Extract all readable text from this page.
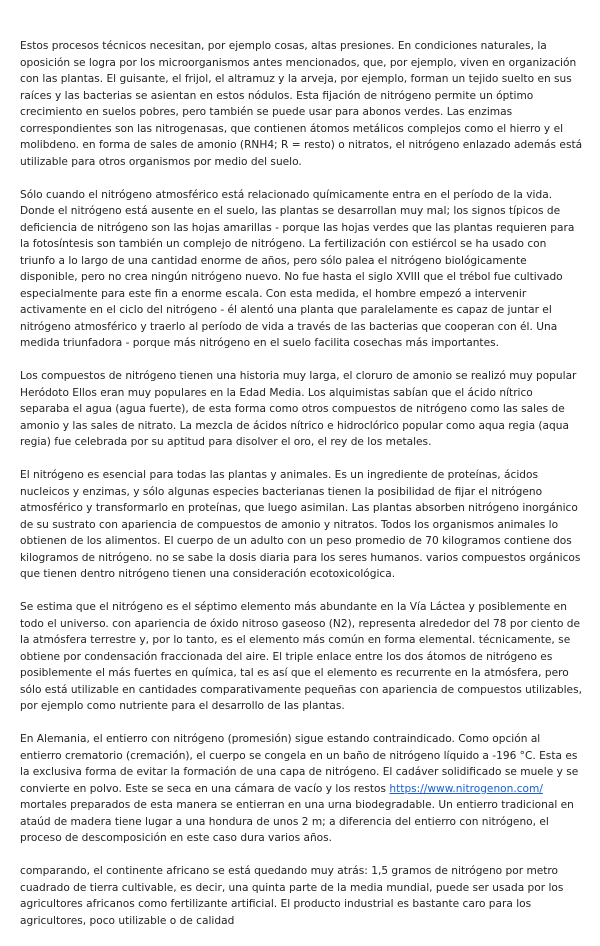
Estos procesos técnicos necesitan, por ejemplo cosas, altas presiones. En condiciones naturales, la oposición se logra por los microorganismos antes mencionados, que, por ejemplo, viven en organización con las plantas. El guisante, el frijol, el altramuz y la arveja, por ejemplo, forman un tejido suelto en sus raíces y las bacterias se asientan en estos nódulos. Esta fijación de nitrógeno permite un óptimo crecimiento en suelos pobres, pero también se puede usar para abonos verdes. Las enzimas correspondientes son las nitrogenasas, que contienen átomos metálicos complejos como el hierro y el molibdeno. en forma de sales de amonio (RNH4; R = resto) o nitratos, el nitrógeno enlazado además está utilizable para otros organismos por medio del suelo.

Sólo cuando el nitrógeno atmosférico está relacionado químicamente entra en el período de la vida. Donde el nitrógeno está ausente en el suelo, las plantas se desarrollan muy mal; los signos típicos de deficiencia de nitrógeno son las hojas amarillas - porque las hojas verdes que las plantas requieren para la fotosíntesis son también un complejo de nitrógeno. La fertilización con estiércol se ha usado con triunfo a lo largo de una cantidad enorme de años, pero sólo palea el nitrógeno biológicamente disponible, pero no crea ningún nitrógeno nuevo. No fue hasta el siglo XVIII que el trébol fue cultivado especialmente para este fin a enorme escala. Con esta medida, el hombre empezó a intervenir activamente en el ciclo del nitrógeno - él alentó una planta que paralelamente es capaz de juntar el nitrógeno atmosférico y traerlo al período de vida a través de las bacterias que cooperan con él. Una medida triunfadora - porque más nitrógeno en el suelo facilita cosechas más importantes.

Los compuestos de nitrógeno tienen una historia muy larga, el cloruro de amonio se realizó muy popular Heródoto Ellos eran muy populares en la Edad Media. Los alquimistas sabían que el ácido nítrico separaba el agua (agua fuerte), de esta forma como otros compuestos de nitrógeno como las sales de amonio y las sales de nitrato. La mezcla de ácidos nítrico e hidroclórico popular como aqua regia (aqua regia) fue celebrada por su aptitud para disolver el oro, el rey de los metales.

El nitrógeno es esencial para todas las plantas y animales. Es un ingrediente de proteínas, ácidos nucleicos y enzimas, y sólo algunas especies bacterianas tienen la posibilidad de fijar el nitrógeno atmosférico y transformarlo en proteínas, que luego asimilan. Las plantas absorben nitrógeno inorgánico de su sustrato con apariencia de compuestos de amonio y nitratos. Todos los organismos animales lo obtienen de los alimentos. El cuerpo de un adulto con un peso promedio de 70 kilogramos contiene dos kilogramos de nitrógeno. no se sabe la dosis diaria para los seres humanos. varios compuestos orgánicos que tienen dentro nitrógeno tienen una consideración ecotoxicológica.

Se estima que el nitrógeno es el séptimo elemento más abundante en la Vía Láctea y posiblemente en todo el universo. con apariencia de óxido nitroso gaseoso (N2), representa alrededor del 78 por ciento de la atmósfera terrestre y, por lo tanto, es el elemento más común en forma elemental. técnicamente, se obtiene por condensación fraccionada del aire. El triple enlace entre los dos átomos de nitrógeno es posiblemente el más fuertes en química, tal es así que el elemento es recurrente en la atmósfera, pero sólo está utilizable en cantidades comparativamente pequeñas con apariencia de compuestos utilizables, por ejemplo como nutriente para el desarrollo de las plantas.

En Alemania, el entierro con nitrógeno (promesión) sigue estando contraindicado. Como opción al entierro crematorio (cremación), el cuerpo se congela en un baño de nitrógeno líquido a -196 °C. Esta es la exclusiva forma de evitar la formación de una capa de nitrógeno. El cadáver solidificado se muele y se convierte en polvo. Este se seca en una cámara de vacío y los restos https://www.nitrogenon.com/ mortales preparados de esta manera se entierran en una urna biodegradable. Un entierro tradicional en ataúd de madera tiene lugar a una hondura de unos 2 m; a diferencia del entierro con nitrógeno, el proceso de descomposición en este caso dura varios años.

comparando, el continente africano se está quedando muy atrás: 1,5 gramos de nitrógeno por metro cuadrado de tierra cultivable, es decir, una quinta parte de la media mundial, puede ser usada por los agricultores africanos como fertilizante artificial. El producto industrial es bastante caro para los agricultores, poco utilizable o de calidad
